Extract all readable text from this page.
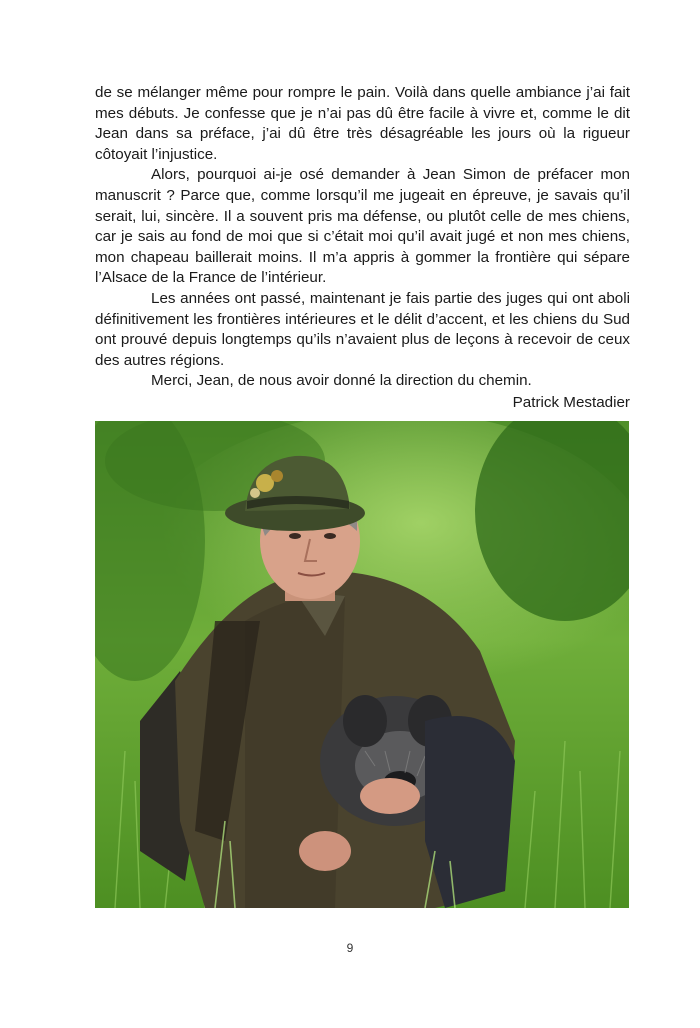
de se mélanger même pour rompre le pain. Voilà dans quelle ambiance j’ai fait mes débuts. Je confesse que je n’ai pas dû être facile à vivre et, comme le dit Jean dans sa préface, j’ai dû être très désagréable les jours où la rigueur côtoyait l’injustice.

Alors, pourquoi ai-je osé demander à Jean Simon de préfacer mon manuscrit ? Parce que, comme lorsqu’il me jugeait en épreuve, je savais qu’il serait, lui, sincère. Il a souvent pris ma défense, ou plutôt celle de mes chiens, car je sais au fond de moi que si c’était moi qu’il avait jugé et non mes chiens, mon chapeau baillerait moins. Il m’a appris à gommer la frontière qui sépare l’Alsace de la France de l’intérieur.

Les années ont passé, maintenant je fais partie des juges qui ont aboli définitivement les frontières intérieures et le délit d’accent, et les chiens du Sud ont prouvé depuis longtemps qu’ils n’avaient plus de leçons à recevoir de ceux des autres régions.

Merci, Jean, de nous avoir donné la direction du chemin.

Patrick Mestadier
9
